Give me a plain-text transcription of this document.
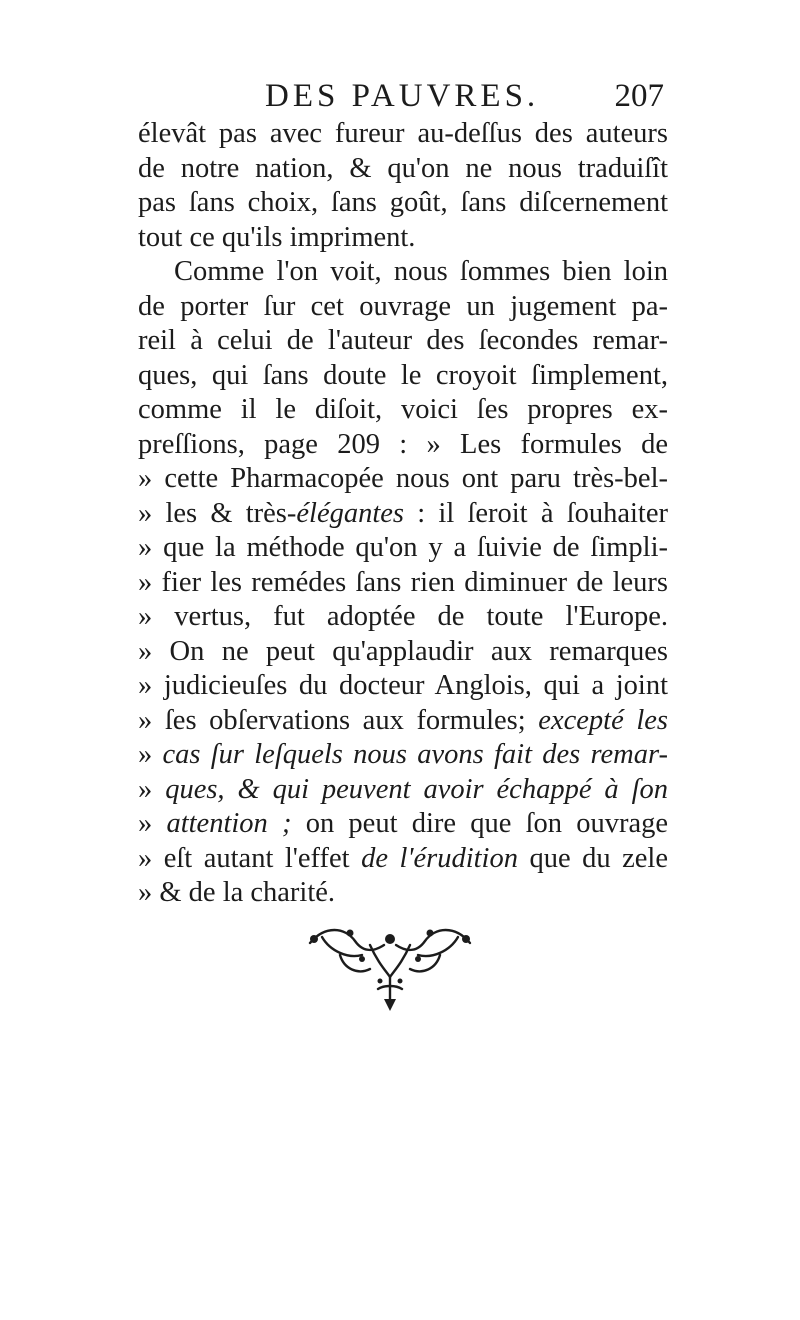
DES PAUVRES. 207
élevât pas avec fureur au-deſſus des auteurs
de notre nation, & qu'on ne nous traduiſît
pas ſans choix, ſans goût, ſans diſcernement
tout ce qu'ils impriment.
Comme l'on voit, nous ſommes bien loin
de porter ſur cet ouvrage un jugement pa-
reil à celui de l'auteur des ſecondes remar-
ques, qui ſans doute le croyoit ſimplement,
comme il le diſoit, voici ſes propres ex-
preſſions, page 209 : » Les formules de
» cette Pharmacopée nous ont paru très-bel-
» les & très-élégantes : il ſeroit à ſouhaiter
» que la méthode qu'on y a ſuivie de ſimpli-
» fier les remédes ſans rien diminuer de leurs
» vertus, fut adoptée de toute l'Europe.
» On ne peut qu'applaudir aux remarques
» judicieuſes du docteur Anglois, qui a joint
» ſes obſervations aux formules; excepté les
» cas ſur leſquels nous avons fait des remar-
» ques, & qui peuvent avoir échappé à ſon
» attention ; on peut dire que ſon ouvrage
» eſt autant l'effet de l'érudition que du zele
» & de la charité.
